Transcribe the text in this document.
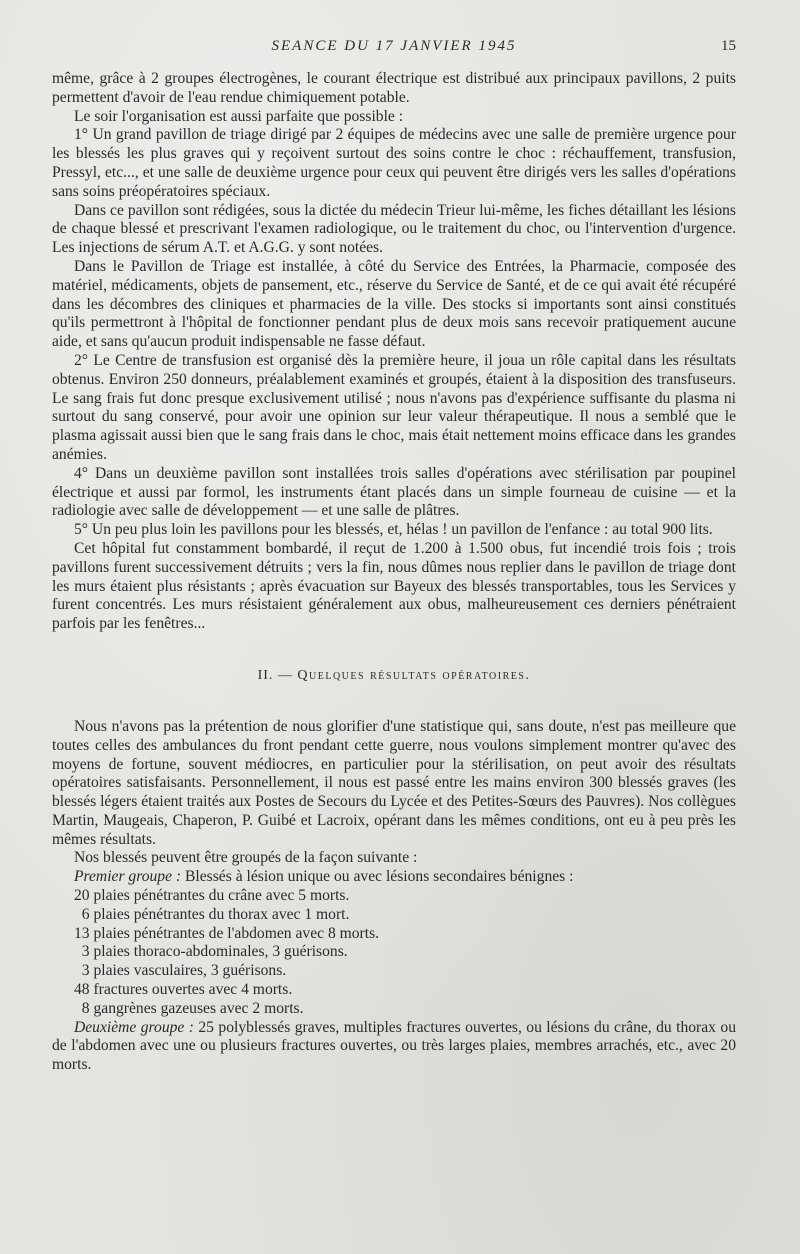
SEANCE DU 17 JANVIER 1945	15

même, grâce à 2 groupes électrogènes, le courant électrique est distribué aux principaux pavillons, 2 puits permettent d'avoir de l'eau rendue chimiquement potable.

Le soir l'organisation est aussi parfaite que possible :

1° Un grand pavillon de triage dirigé par 2 équipes de médecins avec une salle de première urgence pour les blessés les plus graves qui y reçoivent surtout des soins contre le choc : réchauffement, transfusion, Pressyl, etc..., et une salle de deuxième urgence pour ceux qui peuvent être dirigés vers les salles d'opérations sans soins préopératoires spéciaux.

Dans ce pavillon sont rédigées, sous la dictée du médecin Trieur lui-même, les fiches détaillant les lésions de chaque blessé et prescrivant l'examen radiologique, ou le traitement du choc, ou l'intervention d'urgence. Les injections de sérum A.T. et A.G.G. y sont notées.

Dans le Pavillon de Triage est installée, à côté du Service des Entrées, la Pharmacie, composée des matériel, médicaments, objets de pansement, etc., réserve du Service de Santé, et de ce qui avait été récupéré dans les décombres des cliniques et pharmacies de la ville. Des stocks si importants sont ainsi constitués qu'ils permettront à l'hôpital de fonctionner pendant plus de deux mois sans recevoir pratiquement aucune aide, et sans qu'aucun produit indispensable ne fasse défaut.

2° Le Centre de transfusion est organisé dès la première heure, il joua un rôle capital dans les résultats obtenus. Environ 250 donneurs, préalablement examinés et groupés, étaient à la disposition des transfuseurs. Le sang frais fut donc presque exclusivement utilisé ; nous n'avons pas d'expérience suffisante du plasma ni surtout du sang conservé, pour avoir une opinion sur leur valeur thérapeutique. Il nous a semblé que le plasma agissait aussi bien que le sang frais dans le choc, mais était nettement moins efficace dans les grandes anémies.

4° Dans un deuxième pavillon sont installées trois salles d'opérations avec stérilisation par poupinel électrique et aussi par formol, les instruments étant placés dans un simple fourneau de cuisine — et la radiologie avec salle de développement — et une salle de plâtres.

5° Un peu plus loin les pavillons pour les blessés, et, hélas ! un pavillon de l'enfance : au total 900 lits.

Cet hôpital fut constamment bombardé, il reçut de 1.200 à 1.500 obus, fut incendié trois fois ; trois pavillons furent successivement détruits ; vers la fin, nous dûmes nous replier dans le pavillon de triage dont les murs étaient plus résistants ; après évacuation sur Bayeux des blessés transportables, tous les Services y furent concentrés. Les murs résistaient généralement aux obus, malheureusement ces derniers pénétraient parfois par les fenêtres...

II. — Quelques résultats opératoires.

Nous n'avons pas la prétention de nous glorifier d'une statistique qui, sans doute, n'est pas meilleure que toutes celles des ambulances du front pendant cette guerre, nous voulons simplement montrer qu'avec des moyens de fortune, souvent médiocres, en particulier pour la stérilisation, on peut avoir des résultats opératoires satisfaisants. Personnellement, il nous est passé entre les mains environ 300 blessés graves (les blessés légers étaient traités aux Postes de Secours du Lycée et des Petites-Sœurs des Pauvres). Nos collègues Martin, Maugeais, Chaperon, P. Guibé et Lacroix, opérant dans les mêmes conditions, ont eu à peu près les mêmes résultats.

Nos blessés peuvent être groupés de la façon suivante :

Premier groupe : Blessés à lésion unique ou avec lésions secondaires bénignes :

20 plaies pénétrantes du crâne avec 5 morts.

6 plaies pénétrantes du thorax avec 1 mort.

13 plaies pénétrantes de l'abdomen avec 8 morts.

3 plaies thoraco-abdominales, 3 guérisons.

3 plaies vasculaires, 3 guérisons.

48 fractures ouvertes avec 4 morts.

8 gangrènes gazeuses avec 2 morts.

Deuxième groupe : 25 polyblessés graves, multiples fractures ouvertes, ou lésions du crâne, du thorax ou de l'abdomen avec une ou plusieurs fractures ouvertes, ou très larges plaies, membres arrachés, etc., avec 20 morts.
